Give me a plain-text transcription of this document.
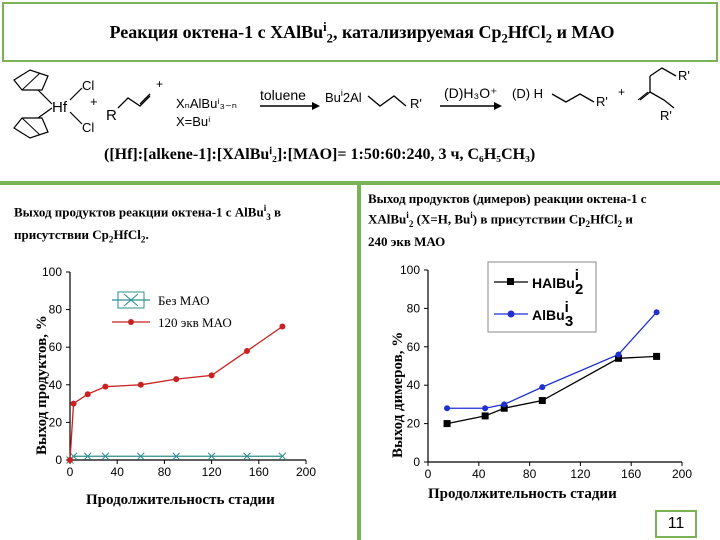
Реакция октена-1 с XAlBu$^i_2$, катализируемая $Cp_2HfCl_2$ и МАО
Hf
Cl
Cl
+
R
+
XₙAlBuⁱ₃₋ₙ
X=Buⁱ
toluene Bu$^i$2Al	R'
(D)H₃O⁺ (D) H
R'
+
R'
R'
([Hf]:[alkene-1]:[XAlBuⁱ₂]:[MAO]= 1:50:60:240, 3 ч, C₆H₅CH₃)
Выход продуктов реакции октена-1 с AlBu$^i_3$ в
присутствии $Cp_2HfCl_2$.
Выход продуктов (димеров) реакции октена-1 с
XAlBu$^i_2$ (X=H, Bu$^i$) в присутствии $Cp_2HfCl_2$ и
240 экв МАО
0	40	80	120 160 200
0
20
40
60
80
100
Без МАО
120 экв МАО
Выход продуктов, %
Продолжительность стадии
0	40	80	120	160	200
0
20
40
60
80
100
HAlBui 2
AlBui 3
Выход димеров, %
Продолжительность стадии
11
